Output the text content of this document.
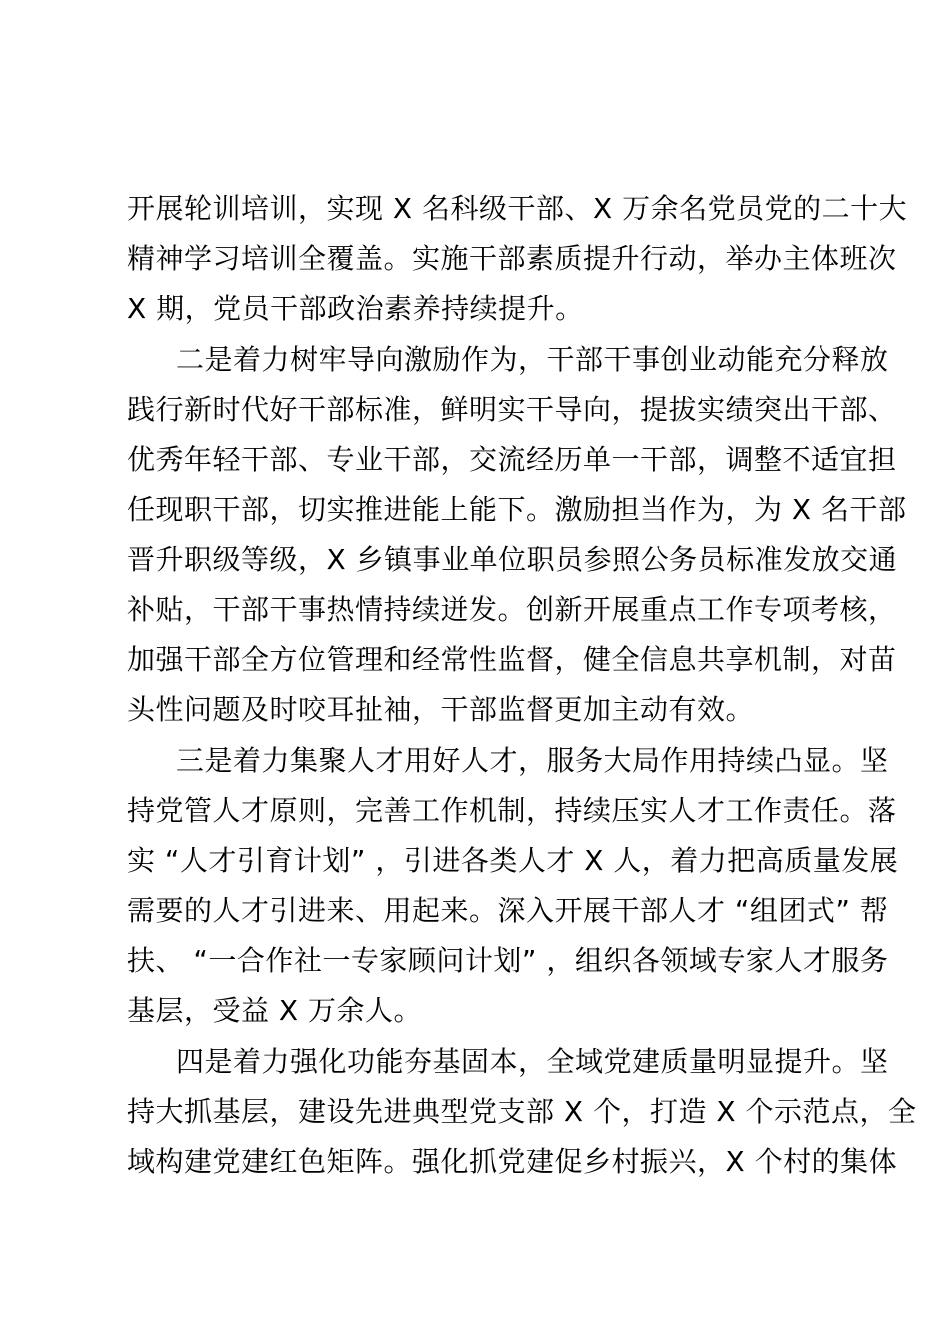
开展轮训培训，实现 X 名科级干部、X 万余名党员党的二十大
精神学习培训全覆盖。实施干部素质提升行动，举办主体班次
X 期，党员干部政治素养持续提升。
二是着力树牢导向激励作为，干部干事创业动能充分释放
践行新时代好干部标准，鲜明实干导向，提拔实绩突出干部、
优秀年轻干部、专业干部，交流经历单一干部，调整不适宜担
任现职干部，切实推进能上能下。激励担当作为，为 X 名干部
晋升职级等级，X 乡镇事业单位职员参照公务员标准发放交通
补贴，干部干事热情持续迸发。创新开展重点工作专项考核，
加强干部全方位管理和经常性监督，健全信息共享机制，对苗
头性问题及时咬耳扯袖，干部监督更加主动有效。
三是着力集聚人才用好人才，服务大局作用持续凸显。坚
持党管人才原则，完善工作机制，持续压实人才工作责任。落
实 “人才引育计划” ，引进各类人才 X 人，着力把高质量发展
需要的人才引进来、用起来。深入开展干部人才 “组团式” 帮
扶、 “一合作社一专家顾问计划” ，组织各领域专家人才服务
基层，受益 X 万余人。
四是着力强化功能夯基固本，全域党建质量明显提升。坚
持大抓基层，建设先进典型党支部 X 个，打造 X 个示范点，全
域构建党建红色矩阵。强化抓党建促乡村振兴，X 个村的集体
